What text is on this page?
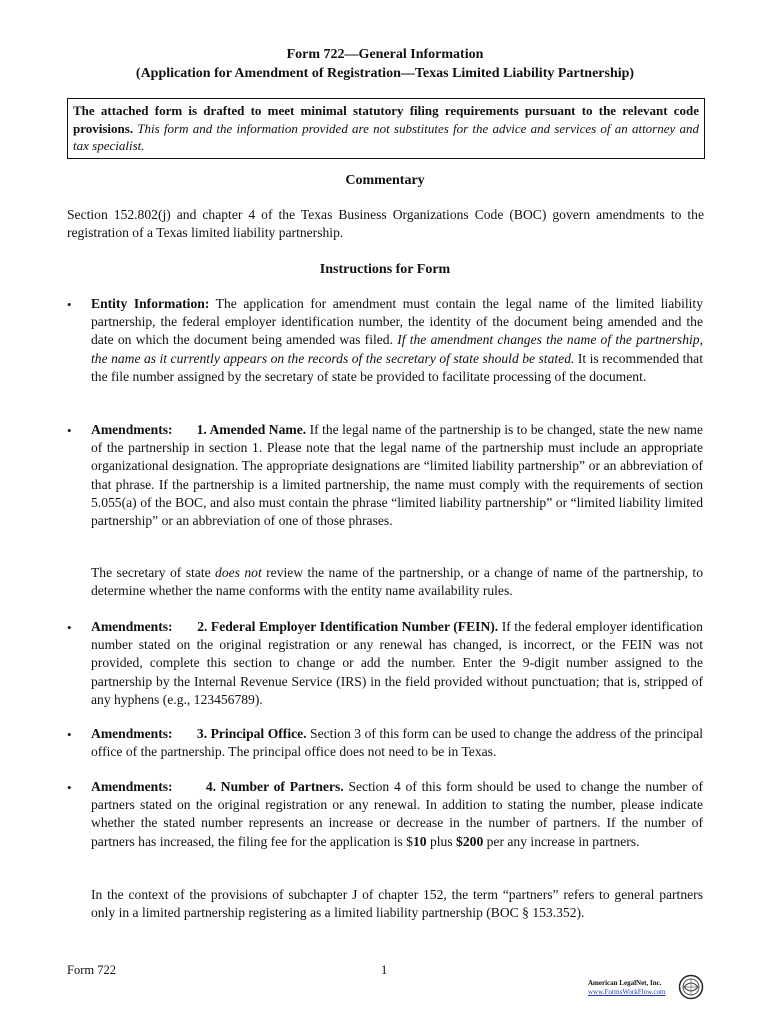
Form 722—General Information
(Application for Amendment of Registration—Texas Limited Liability Partnership)
The attached form is drafted to meet minimal statutory filing requirements pursuant to the relevant code provisions. This form and the information provided are not substitutes for the advice and services of an attorney and tax specialist.
Commentary
Section 152.802(j) and chapter 4 of the Texas Business Organizations Code (BOC) govern amendments to the registration of a Texas limited liability partnership.
Instructions for Form
• Entity Information: The application for amendment must contain the legal name of the limited liability partnership, the federal employer identification number, the identity of the document being amended and the date on which the document being amended was filed. If the amendment changes the name of the partnership, the name as it currently appears on the records of the secretary of state should be stated. It is recommended that the file number assigned by the secretary of state be provided to facilitate processing of the document.
• Amendments: 1. Amended Name. If the legal name of the partnership is to be changed, state the new name of the partnership in section 1. Please note that the legal name of the partnership must include an appropriate organizational designation. The appropriate designations are “limited liability partnership” or an abbreviation of that phrase. If the partnership is a limited partnership, the name must comply with the requirements of section 5.055(a) of the BOC, and also must contain the phrase “limited liability partnership” or “limited liability limited partnership” or an abbreviation of one of those phrases.
The secretary of state does not review the name of the partnership, or a change of name of the partnership, to determine whether the name conforms with the entity name availability rules.
• Amendments: 2. Federal Employer Identification Number (FEIN). If the federal employer identification number stated on the original registration or any renewal has changed, is incorrect, or the FEIN was not provided, complete this section to change or add the number. Enter the 9-digit number assigned to the partnership by the Internal Revenue Service (IRS) in the field provided without punctuation; that is, stripped of any hyphens (e.g., 123456789).
• Amendments: 3. Principal Office. Section 3 of this form can be used to change the address of the principal office of the partnership. The principal office does not need to be in Texas.
• Amendments: 4. Number of Partners. Section 4 of this form should be used to change the number of partners stated on the original registration or any renewal. In addition to stating the number, please indicate whether the stated number represents an increase or decrease in the number of partners. If the number of partners has increased, the filing fee for the application is $10 plus $200 per any increase in partners.
In the context of the provisions of subchapter J of chapter 152, the term “partners” refers to general partners only in a limited partnership registering as a limited liability partnership (BOC § 153.352).
Form 722	1
American LegalNet, Inc.
www.FormsWorkFlow.com
